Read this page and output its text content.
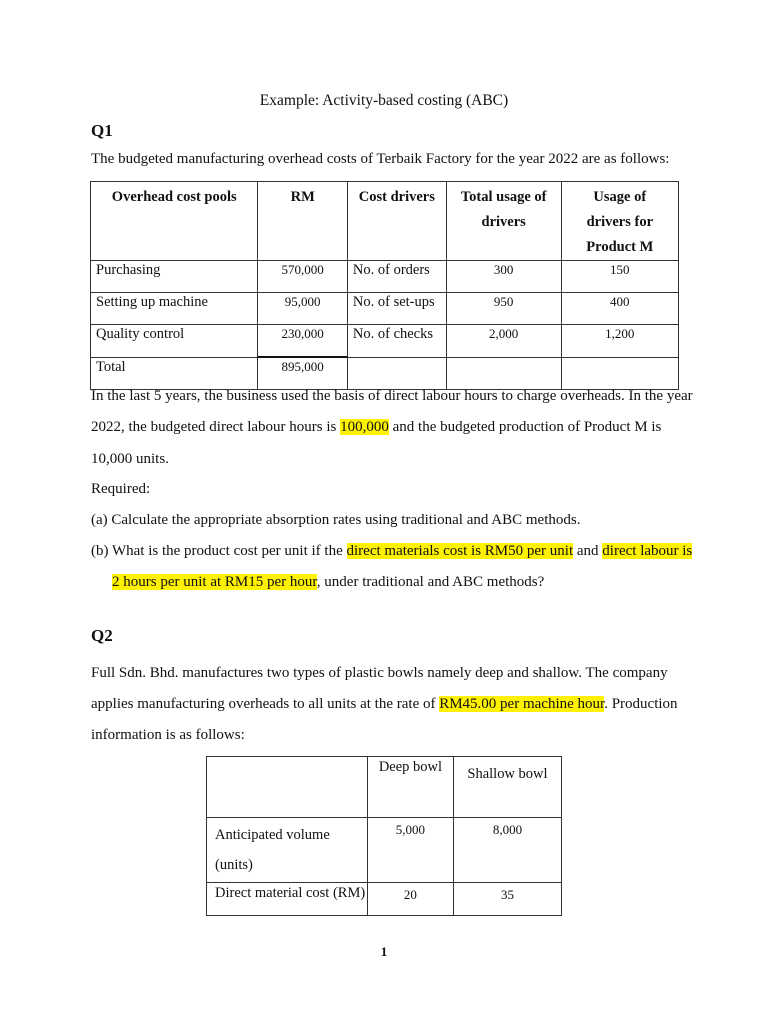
Example: Activity-based costing (ABC)
Q1
The budgeted manufacturing overhead costs of Terbaik Factory for the year 2022 are as follows:
Overhead cost pools	RM	Cost drivers	Total usage of drivers	Usage of drivers for Product M
Purchasing	570,000	No. of orders	300	150
Setting up machine	95,000	No. of set-ups	950	400
Quality control	230,000	No. of checks	2,000	1,200
Total	895,000			
In the last 5 years, the business used the basis of direct labour hours to charge overheads. In the year
2022, the budgeted direct labour hours is 100,000 and the budgeted production of Product M is
10,000 units.
Required:
(a) Calculate the appropriate absorption rates using traditional and ABC methods.
(b) What is the product cost per unit if the direct materials cost is RM50 per unit and direct labour is
2 hours per unit at RM15 per hour, under traditional and ABC methods?
Q2
Full Sdn. Bhd. manufactures two types of plastic bowls namely deep and shallow. The company
applies manufacturing overheads to all units at the rate of RM45.00 per machine hour. Production
information is as follows:
	Deep bowl	Shallow bowl
Anticipated volume (units)	5,000	8,000
Direct material cost (RM)	20	35
1
